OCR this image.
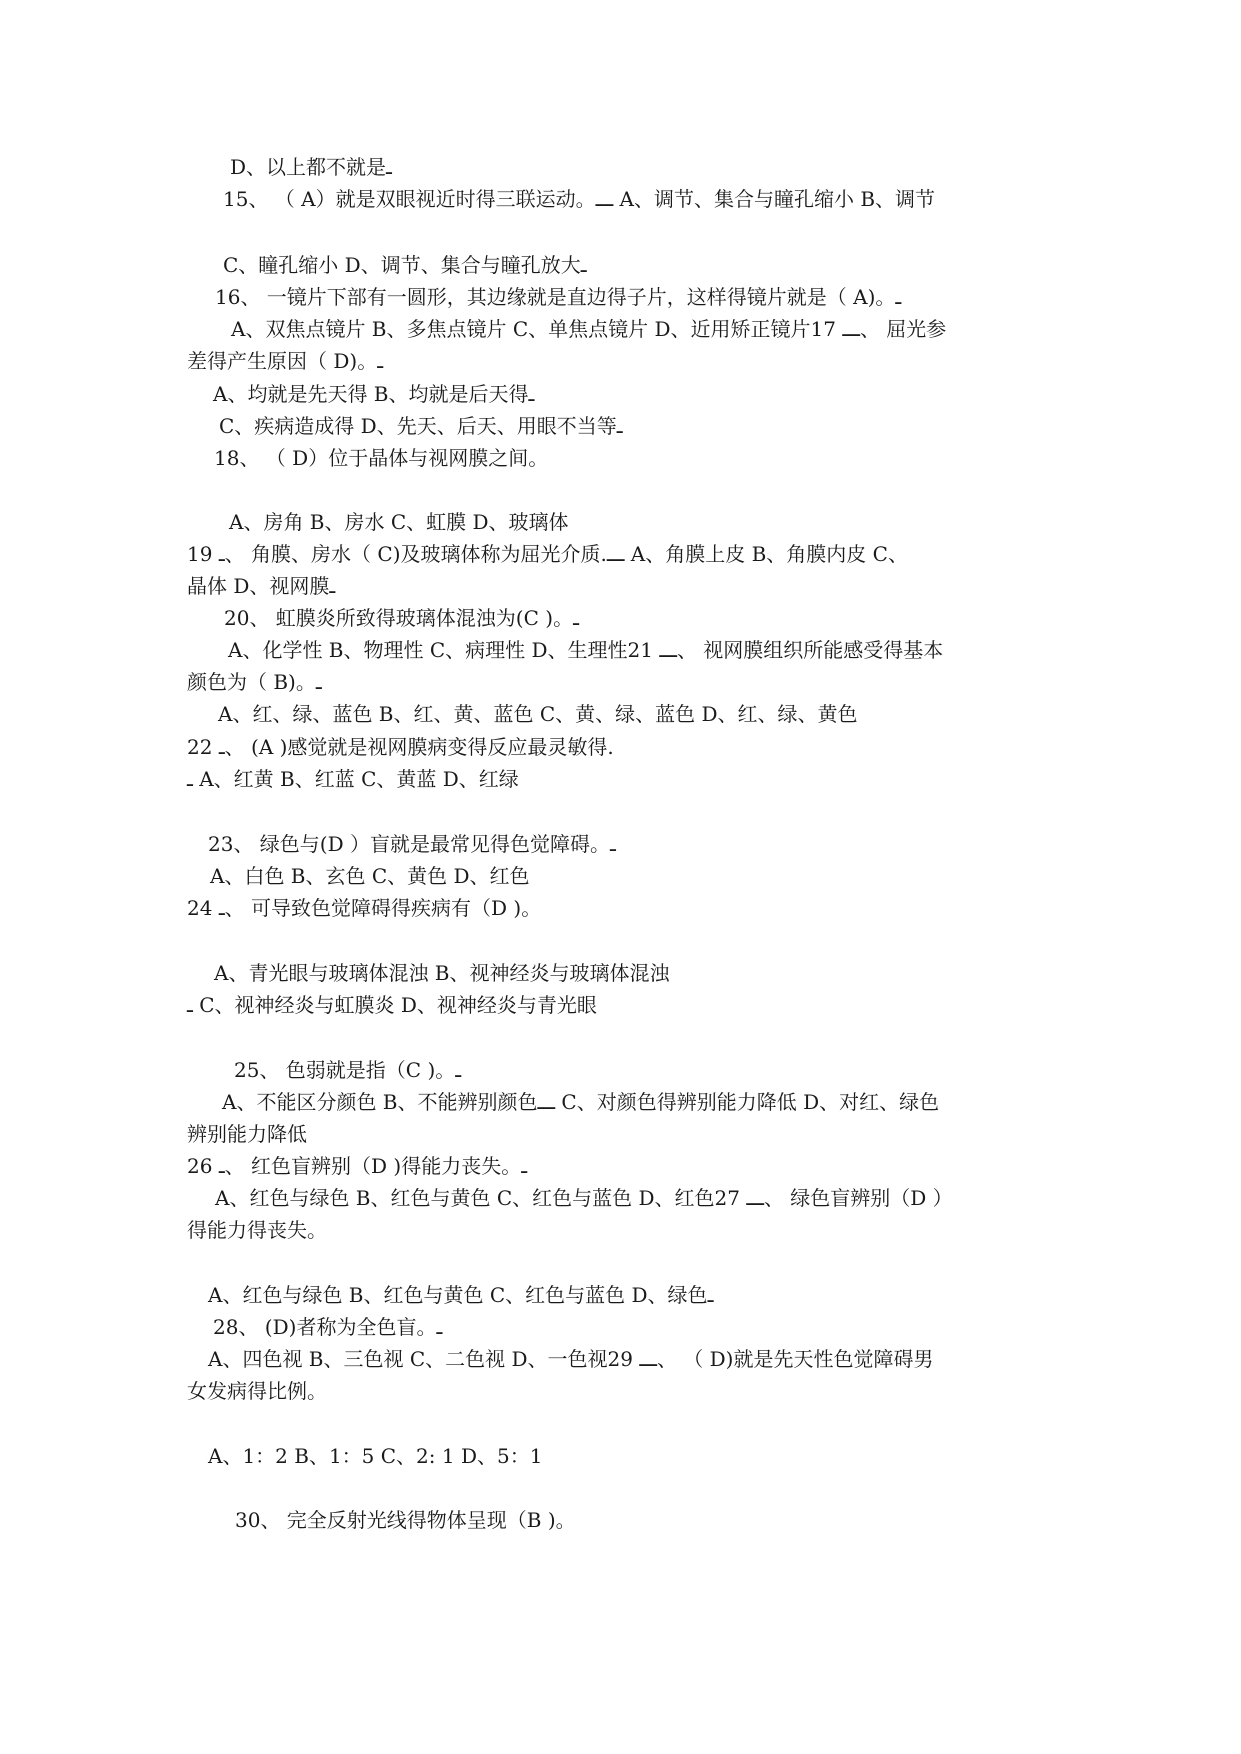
D、以上都不就是ـ
15、 （ A）就是双眼视近时得三联运动。ـــ A、调节、集合与瞳孔缩小 B、调节
C、瞳孔缩小 D、调节、集合与瞳孔放大ـ
16、 一镜片下部有一圆形，其边缘就是直边得子片，这样得镜片就是（ A)。ـ
A、双焦点镜片 B、多焦点镜片 C、单焦点镜片 D、近用矫正镜片17 ـــ、 屈光参
差得产生原因（ D)。ـ
A、均就是先天得 B、均就是后天得ـ
C、疾病造成得 D、先天、后天、用眼不当等ـ
18、 （ D）位于晶体与视网膜之间。
A、房角 B、房水 C、虹膜 D、玻璃体
19 ـ、 角膜、房水（ C)及玻璃体称为屈光介质.ـــ A、角膜上皮 B、角膜内皮 C、
晶体 D、视网膜ـ
20、 虹膜炎所致得玻璃体混浊为(C )。ـ
A、化学性 B、物理性 C、病理性 D、生理性21 ـــ、 视网膜组织所能感受得基本
颜色为（ B)。ـ
A、红、绿、蓝色 B、红、黄、蓝色 C、黄、绿、蓝色 D、红、绿、黄色
22 ـ、 (A )感觉就是视网膜病变得反应最灵敏得.
ـ A、红黄 B、红蓝 C、黄蓝 D、红绿
23、 绿色与(D ）盲就是最常见得色觉障碍。ـ
A、白色 B、玄色 C、黄色 D、红色
24 ـ、 可导致色觉障碍得疾病有（D )。
A、青光眼与玻璃体混浊 B、视神经炎与玻璃体混浊
ـ C、视神经炎与虹膜炎 D、视神经炎与青光眼
25、 色弱就是指（C )。ـ
A、不能区分颜色 B、不能辨别颜色ـــ C、对颜色得辨别能力降低 D、对红、绿色
辨别能力降低
26 ـ、 红色盲辨别（D )得能力丧失。ـ
A、红色与绿色 B、红色与黄色 C、红色与蓝色 D、红色27 ـــ、 绿色盲辨别（D ）
得能力得丧失。
A、红色与绿色 B、红色与黄色 C、红色与蓝色 D、绿色ـ
28、 (D)者称为全色盲。ـ
A、四色视 B、三色视 C、二色视 D、一色视29 ـــ、 （ D)就是先天性色觉障碍男
女发病得比例。
A、1：2 B、1：5 C、2: 1 D、5：1
30、 完全反射光线得物体呈现（B )。
